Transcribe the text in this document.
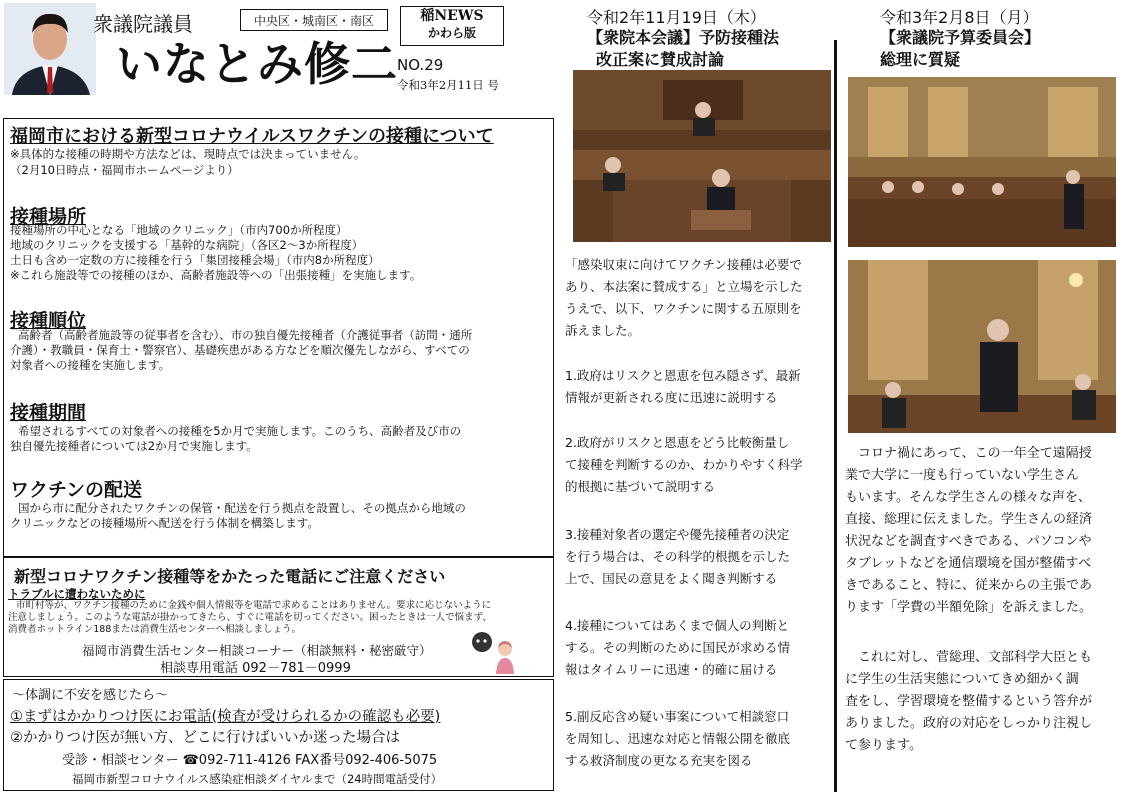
衆議院議員	中央区・城南区・南区	稲NEWS
かわら版
いなとみ修二 NO.29
令和3年2月11日 号
福岡市における新型コロナウイルスワクチンの接種について
※具体的な接種の時期や方法などは、現時点では決まっていません。
（2月10日時点・福岡市ホームページより）
接種場所
接種場所の中心となる「地域のクリニック」（市内700か所程度）
地域のクリニックを支援する「基幹的な病院」（各区2～3か所程度）
土日も含め一定数の方に接種を行う「集団接種会場」（市内8か所程度）
※これら施設等での接種のほか、高齢者施設等への「出張接種」を実施します。
接種順位
高齢者（高齢者施設等の従事者を含む）、市の独自優先接種者（介護従事者（訪問・通所
介護）・教職員・保育士・警察官）、基礎疾患がある方などを順次優先しながら、すべての
対象者への接種を実施します。
接種期間
希望されるすべての対象者への接種を5か月で実施します。このうち、高齢者及び市の
独自優先接種者については2か月で実施します。
ワクチンの配送
国から市に配分されたワクチンの保管・配送を行う拠点を設置し、その拠点から地域の
クリニックなどの接種場所へ配送を行う体制を構築します。
新型コロナワクチン接種等をかたった電話にご注意ください
トラブルに遭わないために
市町村等が、ワクチン接種のために金銭や個人情報等を電話で求めることはありません。要求に応じないように
注意しましょう。このような電話が掛かってきたら、すぐに電話を切ってください。困ったときは一人で悩まず、
消費者ホットライン188または消費生活センターへ相談しましょう。
福岡市消費生活センター相談コーナー（相談無料・秘密厳守）
相談専用電話 092－781－0999
～体調に不安を感じたら～
①まずはかかりつけ医にお電話(検査が受けられるかの確認も必要)
②かかりつけ医が無い方、どこに行けばいいか迷った場合は
受診・相談センター ☎092-711-4126 FAX番号092-406-5075
福岡市新型コロナウイルス感染症相談ダイヤルまで（24時間電話受付）
令和2年11月19日（木）
【衆院本会議】予防接種法
改正案に賛成討論
「感染収束に向けてワクチン接種は必要で
あり、本法案に賛成する」と立場を示した
うえで、以下、ワクチンに関する五原則を
訴えました。
1.政府はリスクと恩恵を包み隠さず、最新
情報が更新される度に迅速に説明する
2.政府がリスクと恩恵をどう比較衡量し
て接種を判断するのか、わかりやすく科学
的根拠に基づいて説明する
3.接種対象者の選定や優先接種者の決定
を行う場合は、その科学的根拠を示した
上で、国民の意見をよく聞き判断する
4.接種についてはあくまで個人の判断と
する。その判断のために国民が求める情
報はタイムリーに迅速・的確に届ける
5.副反応含め疑い事案について相談窓口
を周知し、迅速な対応と情報公開を徹底
する救済制度の更なる充実を図る
令和3年2月8日（月）
【衆議院予算委員会】
総理に質疑
　コロナ禍にあって、この一年全て遠隔授
業で大学に一度も行っていない学生さん
もいます。そんな学生さんの様々な声を、
直接、総理に伝えました。学生さんの経済
状況などを調査すべきである、パソコンや
タブレットなどを通信環境を国が整備すべ
きであること、特に、従来からの主張であ
ります「学費の半額免除」を訴えました。
　これに対し、菅総理、文部科学大臣とも
に学生の生活実態についてきめ細かく調
査をし、学習環境を整備するという答弁が
ありました。政府の対応をしっかり注視し
て参ります。
